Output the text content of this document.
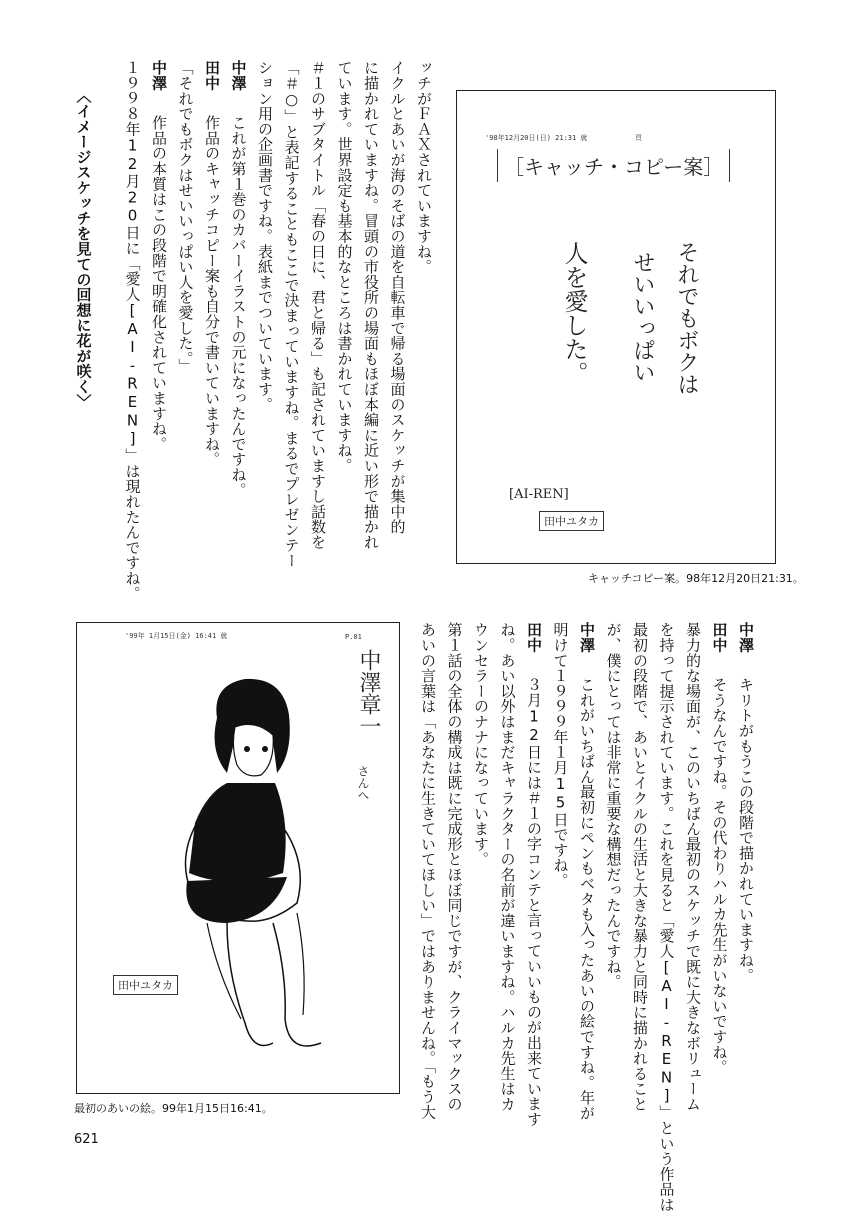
ッチがＦＡＸされていますね。

イクルとあいが海のそばの道を自転車で帰る場面のスケッチが集中的

に描かれていますね。冒頭の市役所の場面もほぼ本編に近い形で描かれ

ています。世界設定も基本的なところは書かれていますね。

＃１のサブタイトル「春の日に、君と帰る」も記されていますし話数を

「＃○」と表記することもここで決まっていますね。まるでプレゼンテー

ション用の企画書ですね。表紙までついています。

中澤　これが第１巻のカバーイラストの元になったんですね。

田中　作品のキャッチコピー案も自分で書いていますね。

「それでもボクはせいいっぱい人を愛した。」

中澤　作品の本質はこの段階で明確化されていますね。

１９９８年12月20日に「愛人[AI-REN]」は現れたんですね。

〈イメージスケッチを見ての回想に花が咲く〉	'98年12月20日(日) 21:31 就	頁
［キャッチ・コピー案］
それでもボクは
せいいっぱい
人を愛した。
[AI-REN]
田中ユタカ
キャッチコピー案。98年12月20日21:31。
'99年 1月15日(金) 16:41 就	P.01
中澤章一
さんへ
田中ユタカ
最初のあいの絵。99年1月15日16:41。

中澤　キリトがもうこの段階で描かれていますね。

田中　そうなんですね。その代わりハルカ先生がいないですね。

暴力的な場面が、このいちばん最初のスケッチで既に大きなボリューム

を持って提示されています。これを見ると「愛人[AI-REN]」という作品は

最初の段階で、あいとイクルの生活と大きな暴力と同時に描かれること

が、僕にとっては非常に重要な構想だったんですね。

中澤　これがいちばん最初にペンもベタも入ったあいの絵ですね。年が

明けて１９９９年１月15日ですね。

田中　３月12日には＃１の字コンテと言っていいものが出来ています

ね。あい以外はまだキャラクターの名前が違いますね。ハルカ先生はカ

ウンセラーのナナになっています。

第１話の全体の構成は既に完成形とほぼ同じですが、クライマックスの

あいの言葉は「あなたに生きていてほしい」ではありませんね。「もう大

621
